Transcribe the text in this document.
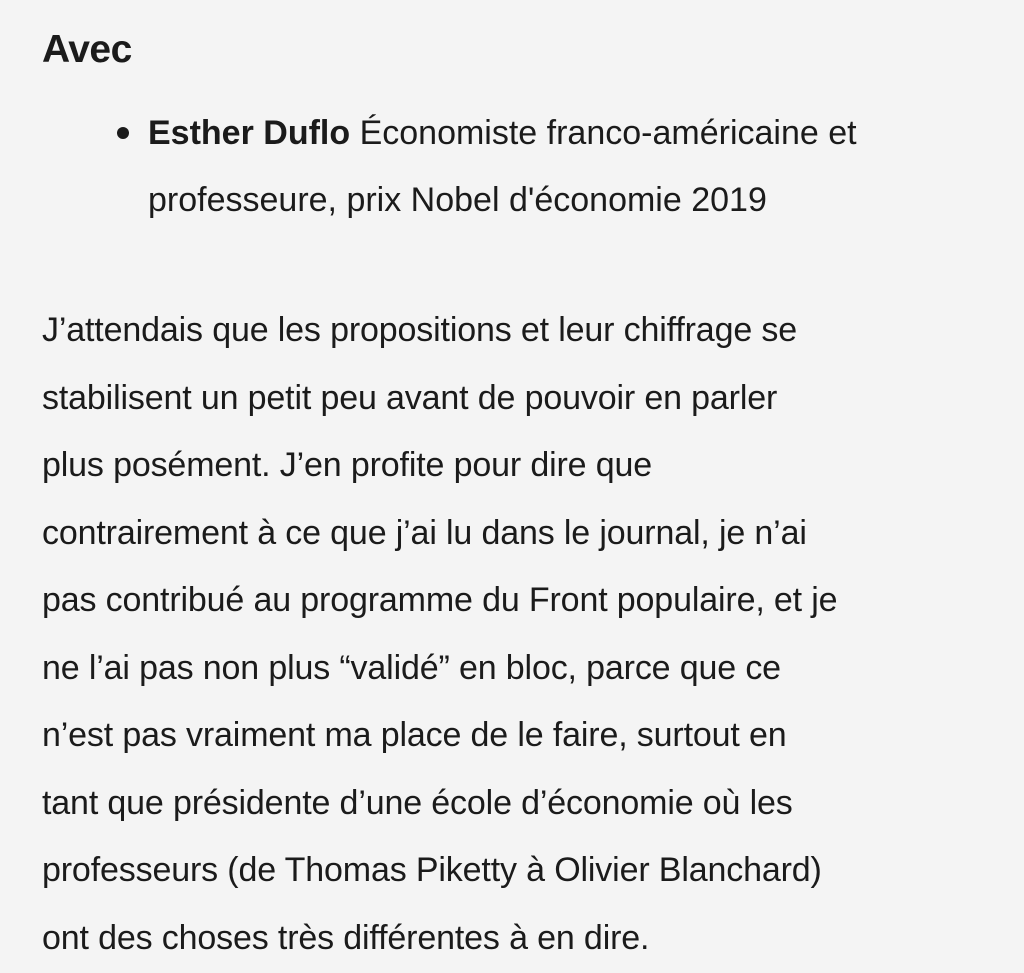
Avec
Esther Duflo Économiste franco-américaine et
professeure, prix Nobel d'économie 2019

J’attendais que les propositions et leur chiffrage se
stabilisent un petit peu avant de pouvoir en parler
plus posément. J’en profite pour dire que
contrairement à ce que j’ai lu dans le journal, je n’ai
pas contribué au programme du Front populaire, et je
ne l’ai pas non plus “validé” en bloc, parce que ce
n’est pas vraiment ma place de le faire, surtout en
tant que présidente d’une école d’économie où les
professeurs (de Thomas Piketty à Olivier Blanchard)
ont des choses très différentes à en dire.
